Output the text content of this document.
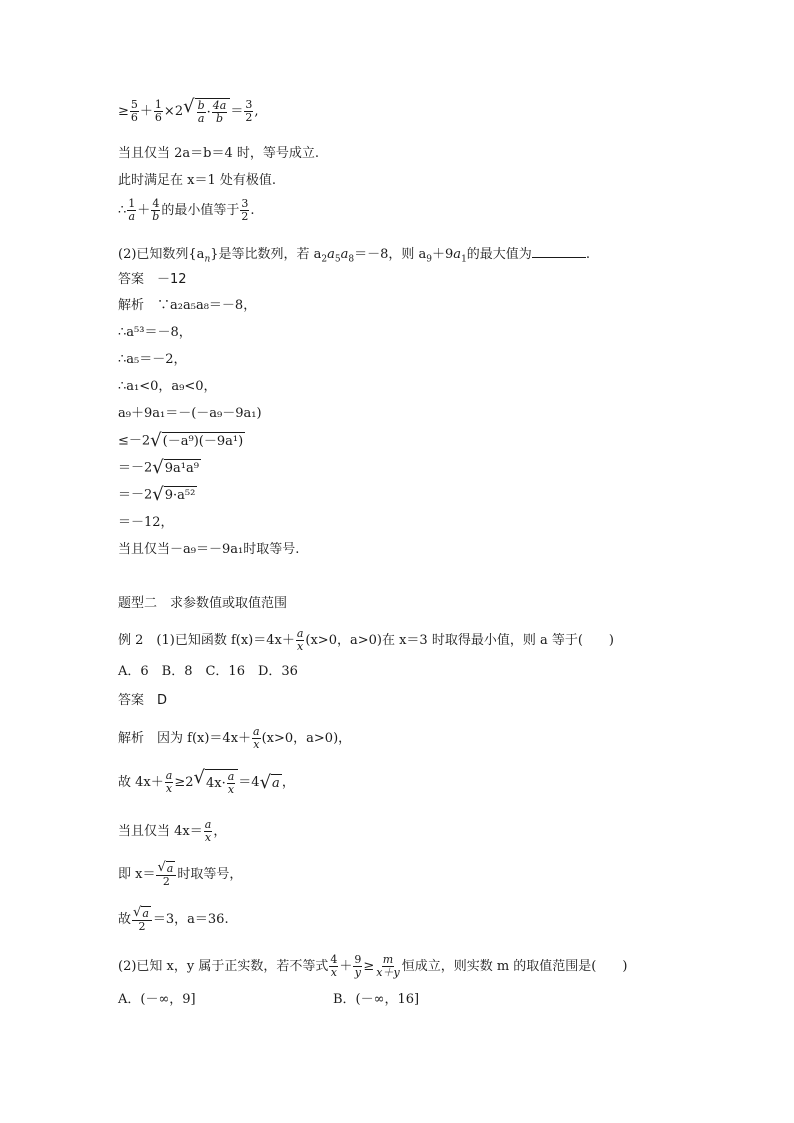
≥ $\frac{5}{6} + \frac{1}{6} \times 2$ √ $\frac{b}{a} \cdot \frac{4a}{b} = \frac{3}{2}$ ,
当且仅当 2a＝b＝4 时，等号成立.
此时满足在 x＝1 处有极值.
∴ $\frac{1}{a} + \frac{4}{b}$ 的最小值等于 $\frac{3}{2}$ .
(2)已知数列$\{a_n\}$是等比数列，若 $a_2a_5a_8=-8$，则 $a_9+9a_1$的最大值为	.
答案　 －12
解析　 ∵a₂a₅a₈＝－8，
∴a⁵³＝－8，
∴a₅＝－2，
∴a₁<0，a₉<0，
a₉＋9a₁＝－(－a₉－9a₁)
≤－2 √ (－a⁹)(－9a¹)
＝－2 √ 9a¹a⁹
＝－2 √ 9·a⁵²
＝－12，
当且仅当－a₉＝－9a₁时取等号.
题型二　求参数值或取值范围
例 2　(1)已知函数 $f(x)=4x+ \frac{a}{x} (x>0$，a>0)在 x＝3 时取得最小值，则 a 等于(　　)
A．6　B．8　C．16　D．36
答案　 D
解析　因为 $f(x)=4x+ \frac{a}{x} (x>0$，a>0)，
故 $4x+ \frac{a}{x} \ge 2$ √ $4x\cdot \frac{a}{x} =4$ √ a ，
当且仅当 $4x= \frac{a}{x}$ ，
即 $x= \frac{√ a}{2}$ 时取等号，
故 $\frac{√ a}{2} =3$，a＝36.
(2)已知 x，y 属于正实数，若不等式 $\frac{4}{x} + \frac{9}{y} \ge \frac{m}{x+y}$ 恒成立，则实数 m 的取值范围是(　　)
A．(－∞，9]	B．(－∞，16]
